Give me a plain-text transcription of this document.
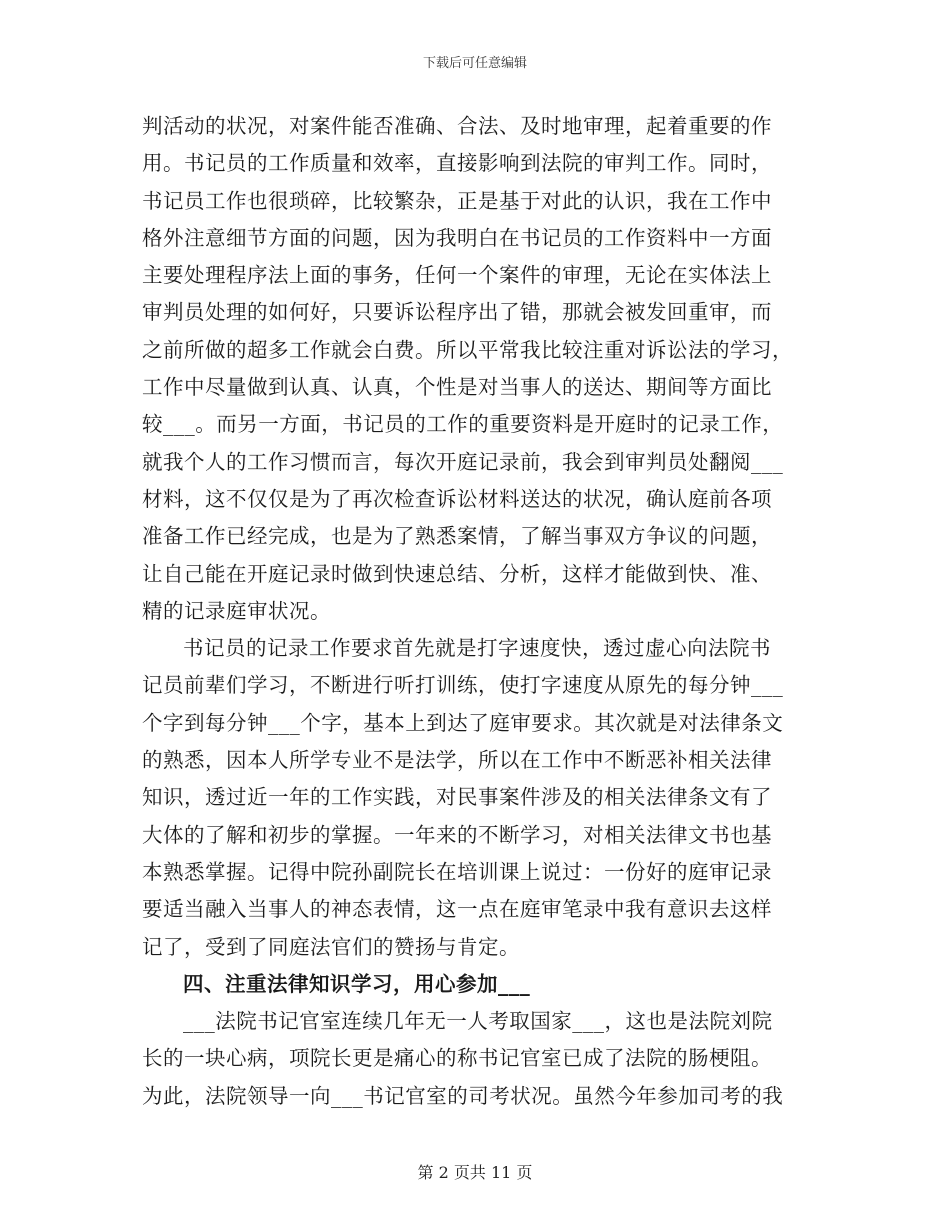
下载后可任意编辑
判活动的状况，对案件能否准确、合法、及时地审理，起着重要的作
用。书记员的工作质量和效率，直接影响到法院的审判工作。同时，
书记员工作也很琐碎，比较繁杂，正是基于对此的认识，我在工作中
格外注意细节方面的问题，因为我明白在书记员的工作资料中一方面
主要处理程序法上面的事务，任何一个案件的审理，无论在实体法上
审判员处理的如何好，只要诉讼程序出了错，那就会被发回重审，而
之前所做的超多工作就会白费。所以平常我比较注重对诉讼法的学习，
工作中尽量做到认真、认真，个性是对当事人的送达、期间等方面比
较___。而另一方面，书记员的工作的重要资料是开庭时的记录工作，
就我个人的工作习惯而言，每次开庭记录前，我会到审判员处翻阅___
材料，这不仅仅是为了再次检查诉讼材料送达的状况，确认庭前各项
准备工作已经完成，也是为了熟悉案情，了解当事双方争议的问题，
让自己能在开庭记录时做到快速总结、分析，这样才能做到快、准、
精的记录庭审状况。
书记员的记录工作要求首先就是打字速度快，透过虚心向法院书
记员前辈们学习，不断进行听打训练，使打字速度从原先的每分钟___
个字到每分钟___个字，基本上到达了庭审要求。其次就是对法律条文
的熟悉，因本人所学专业不是法学，所以在工作中不断恶补相关法律
知识，透过近一年的工作实践，对民事案件涉及的相关法律条文有了
大体的了解和初步的掌握。一年来的不断学习，对相关法律文书也基
本熟悉掌握。记得中院孙副院长在培训课上说过：一份好的庭审记录
要适当融入当事人的神态表情，这一点在庭审笔录中我有意识去这样
记了，受到了同庭法官们的赞扬与肯定。
四、注重法律知识学习，用心参加___
___法院书记官室连续几年无一人考取国家___，这也是法院刘院
长的一块心病，项院长更是痛心的称书记官室已成了法院的肠梗阻。
为此，法院领导一向___书记官室的司考状况。虽然今年参加司考的我
第 2 页共 11 页
